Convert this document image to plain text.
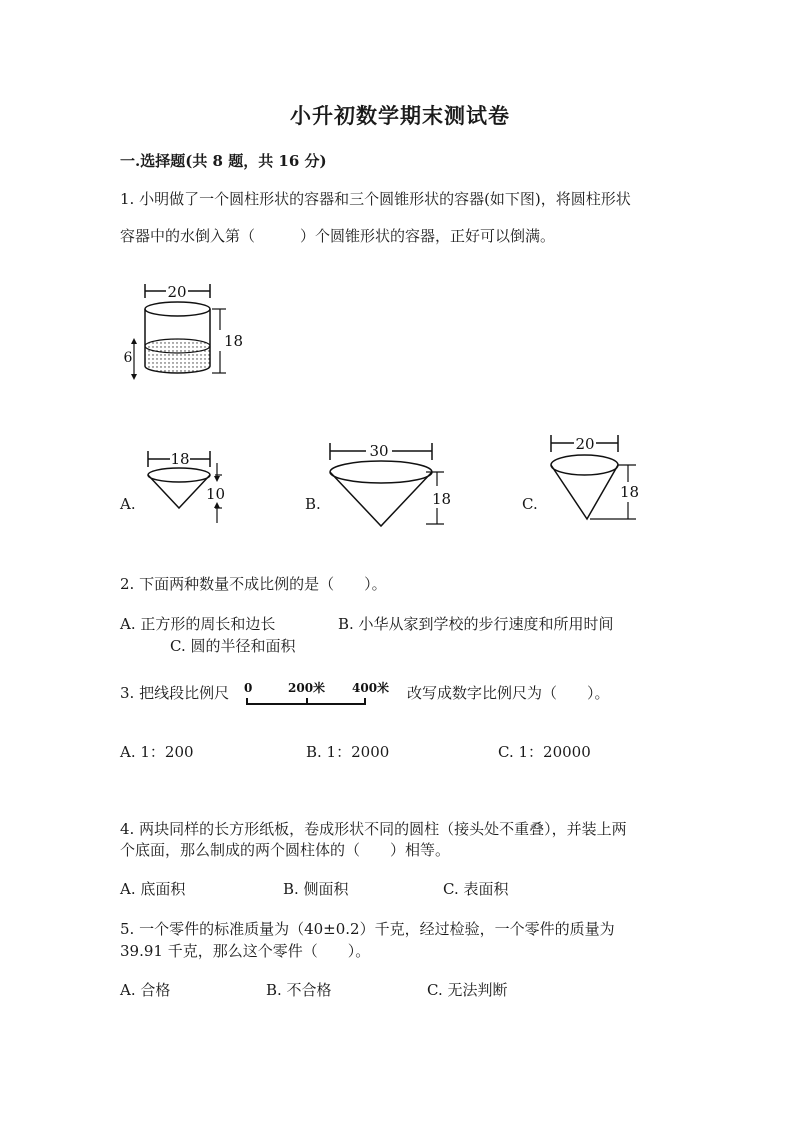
小升初数学期末测试卷
一.选择题(共 8 题，共 16 分)
1. 小明做了一个圆柱形状的容器和三个圆锥形状的容器(如下图)，将圆柱形状
容器中的水倒入第（　　　）个圆锥形状的容器，正好可以倒满。
20
18
6
A.
18
10
B.
30
18	C.
20
18
2. 下面两种数量不成比例的是（　　）。
A. 正方形的周长和边长	B. 小华从家到学校的步行速度和所用时间
C. 圆的半径和面积
3. 把线段比例尺 0	200米 400米 改写成数字比例尺为（　　）。
A. 1：200	B. 1：2000	C. 1：20000
4. 两块同样的长方形纸板，卷成形状不同的圆柱（接头处不重叠），并装上两
个底面，那么制成的两个圆柱体的（　　）相等。
A. 底面积	B. 侧面积	C. 表面积
5. 一个零件的标准质量为（40±0.2）千克，经过检验，一个零件的质量为
39.91 千克，那么这个零件（　　）。
A. 合格	B. 不合格	C. 无法判断
